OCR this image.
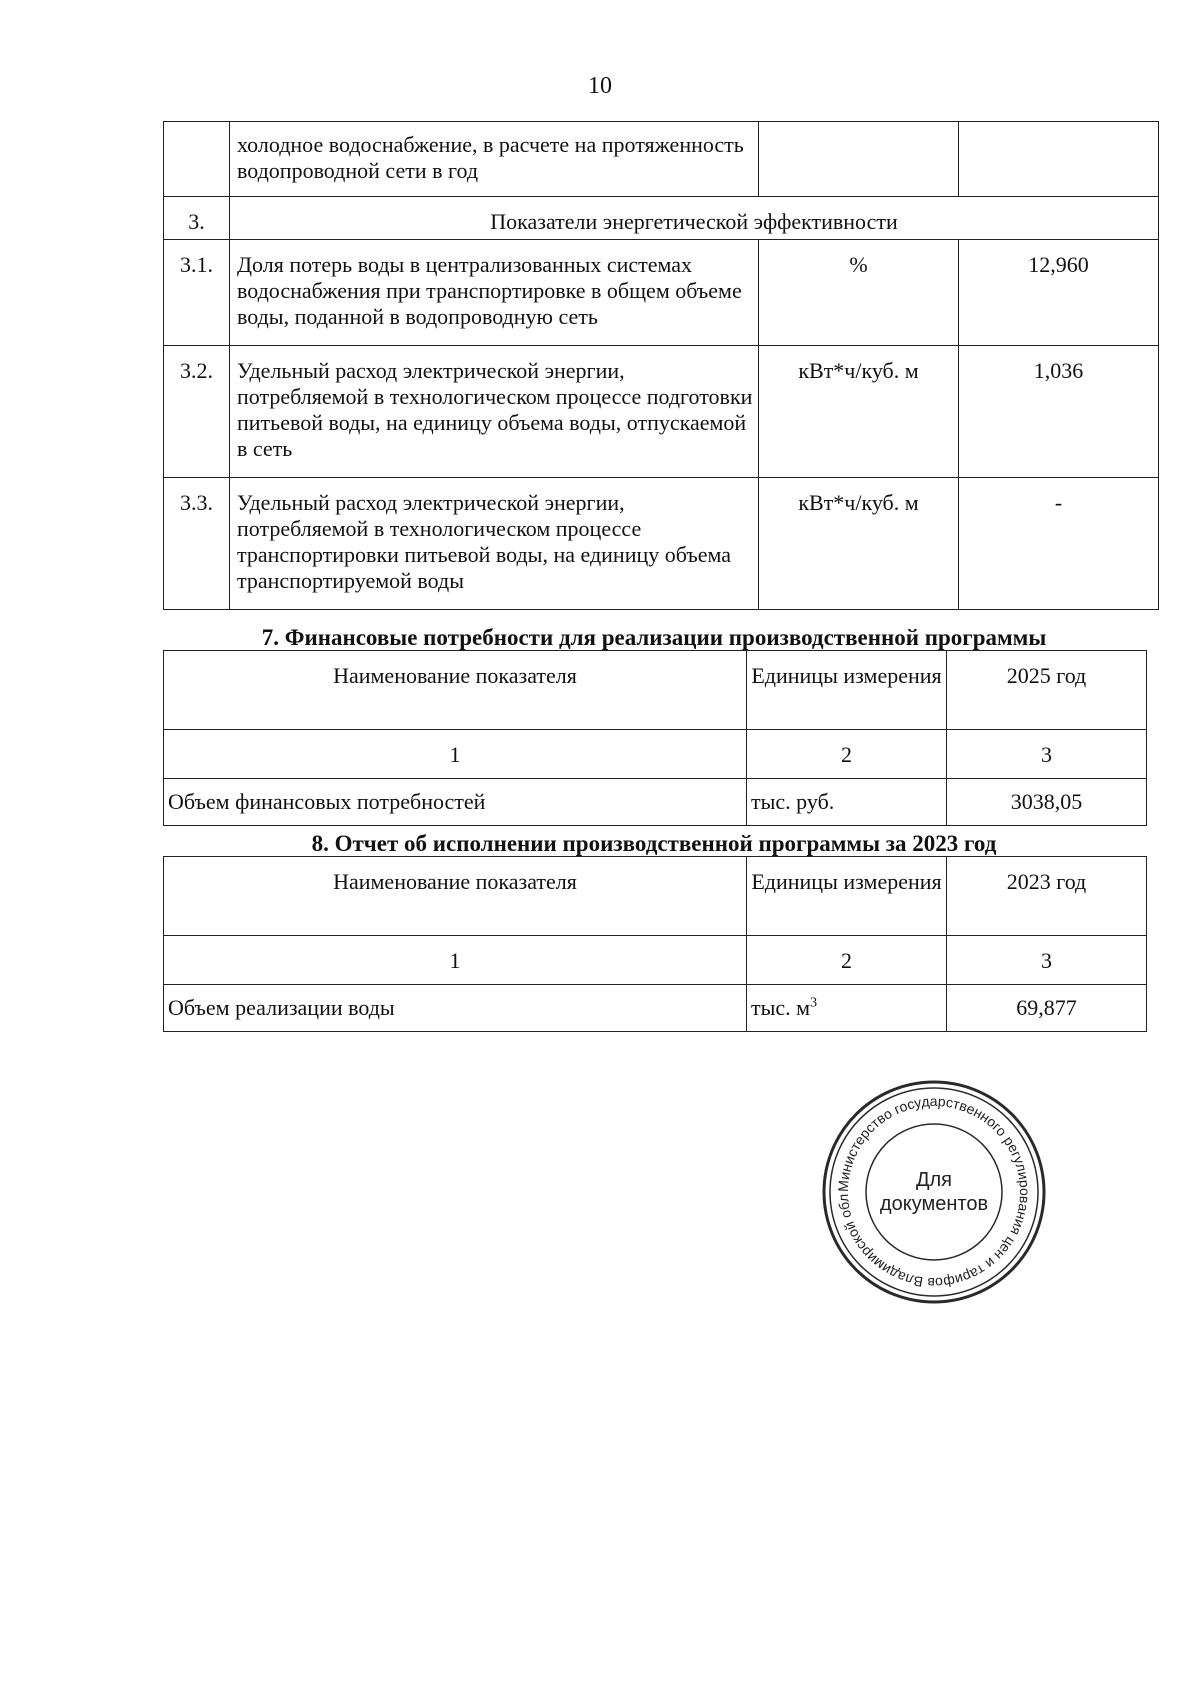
10
	холодное водоснабжение, в расчете на протяженность водопроводной сети в год		
3.	Показатели энергетической эффективности		
3.1.	Доля потерь воды в централизованных системах водоснабжения при транспортировке в общем объеме воды, поданной в водопроводную сеть	%	12,960
3.2.	Удельный расход электрической энергии, потребляемой в технологическом процессе подготовки питьевой воды, на единицу объема воды, отпускаемой в сеть	кВт*ч/куб. м	1,036
3.3.	Удельный расход электрической энергии, потребляемой в технологическом процессе транспортировки питьевой воды, на единицу объема транспортируемой воды	кВт*ч/куб. м	-
7. Финансовые потребности для реализации производственной программы
Наименование показателя	Единицы измерения	2025 год
1	2	3
Объем финансовых потребностей	тыс. руб.	3038,05
8. Отчет об исполнении производственной программы за 2023 год
Наименование показателя	Единицы измерения	2023 год
1	2	3
Объем реализации воды	тыс. $м^3$	69,877
Министерство государственного регулирования цен и тарифов Владимирской обл
Для
документов
